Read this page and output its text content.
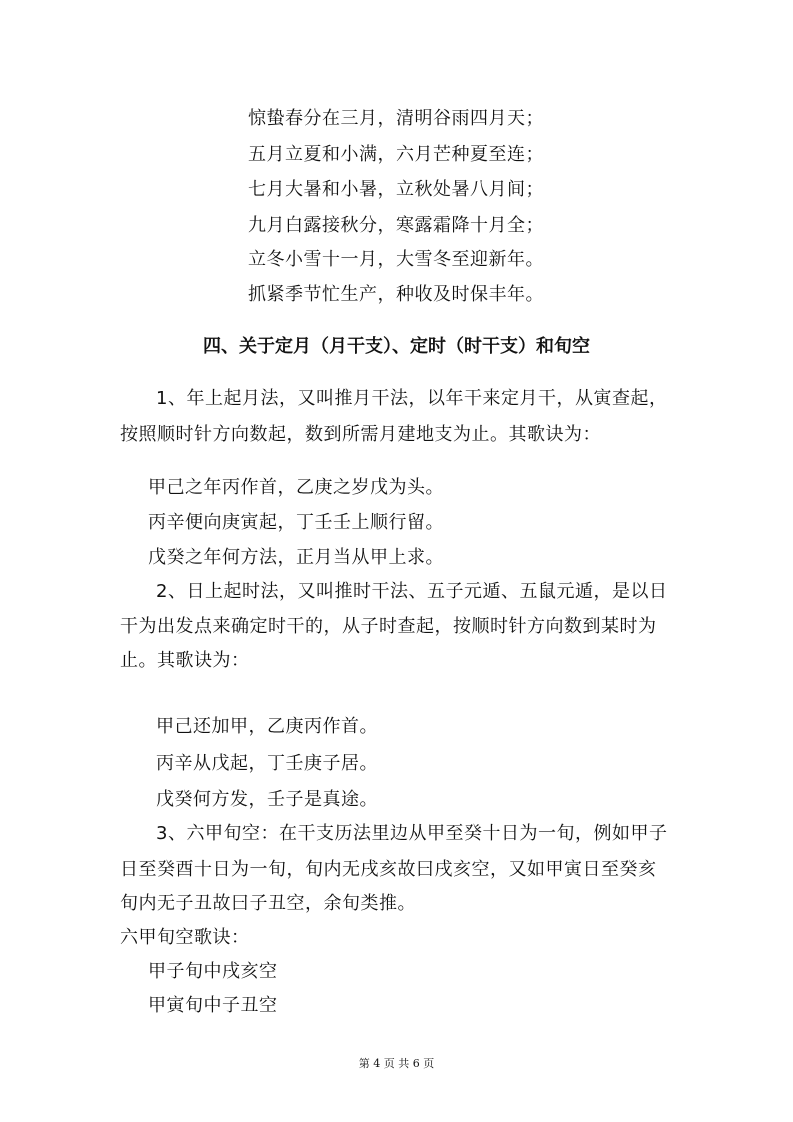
惊蛰春分在三月，清明谷雨四月天；
五月立夏和小满，六月芒种夏至连；
七月大暑和小暑，立秋处暑八月间；
九月白露接秋分，寒露霜降十月全；
立冬小雪十一月，大雪冬至迎新年。
抓紧季节忙生产，种收及时保丰年。
四、关于定月（月干支）、定时（时干支）和旬空
1、年上起月法，又叫推月干法，以年干来定月干，从寅查起，
按照顺时针方向数起，数到所需月建地支为止。其歌诀为：
甲己之年丙作首，乙庚之岁戊为头。
丙辛便向庚寅起，丁壬壬上顺行留。
戊癸之年何方法，正月当从甲上求。
2、日上起时法，又叫推时干法、五子元遁、五鼠元遁，是以日
干为出发点来确定时干的，从子时查起，按顺时针方向数到某时为
止。其歌诀为：
甲己还加甲，乙庚丙作首。
丙辛从戊起，丁壬庚子居。
戊癸何方发，壬子是真途。
3、六甲旬空：在干支历法里边从甲至癸十日为一旬，例如甲子
日至癸酉十日为一旬，旬内无戌亥故曰戌亥空，又如甲寅日至癸亥
旬内无子丑故曰子丑空，余旬类推。
六甲旬空歌诀：
甲子旬中戌亥空
甲寅旬中子丑空
第 4 页 共 6 页
